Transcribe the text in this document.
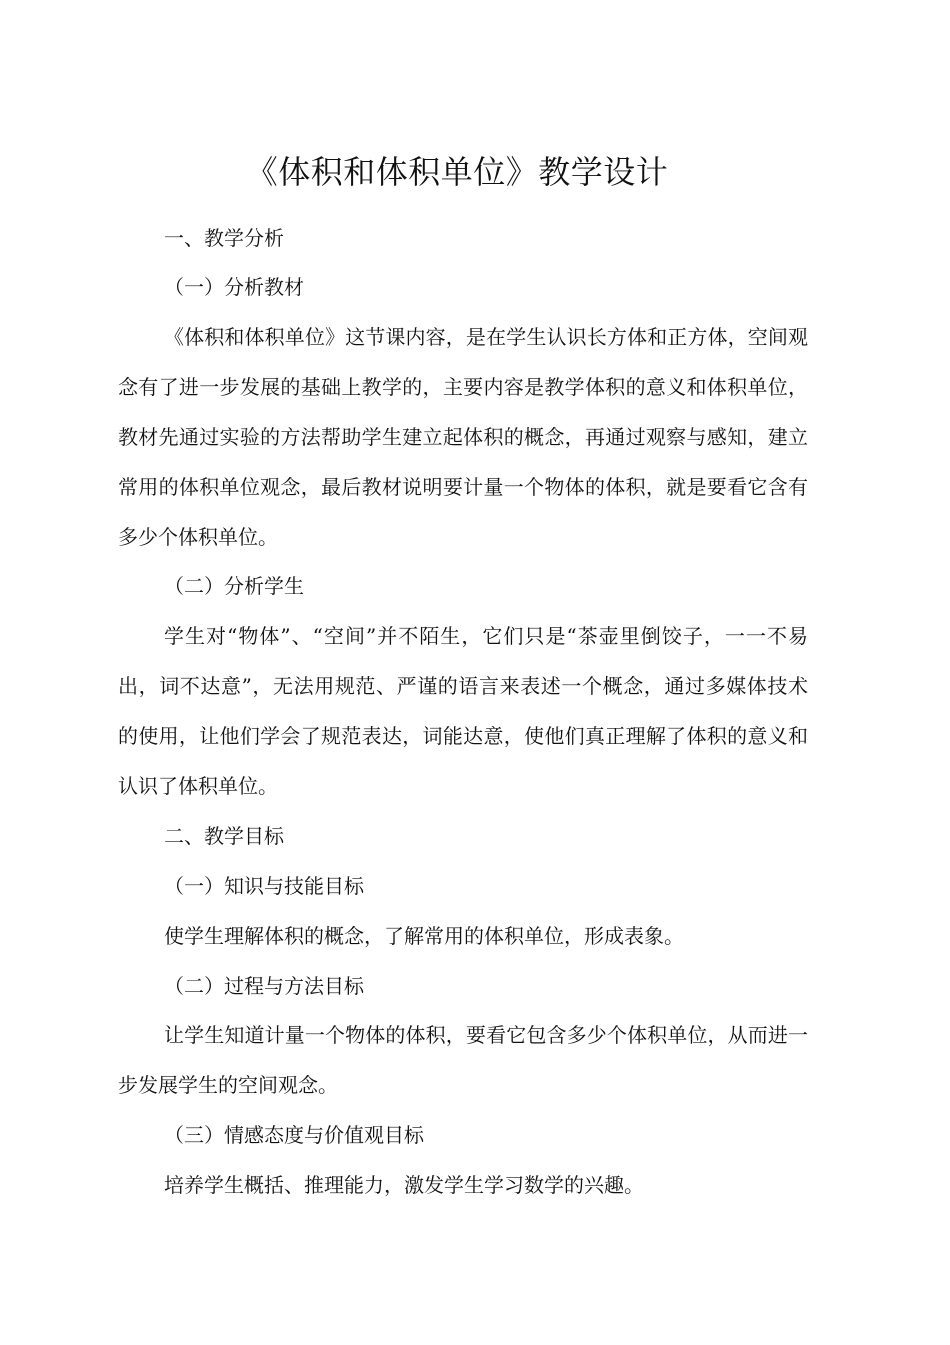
《体积和体积单位》教学设计

一、教学分析

（一）分析教材

《体积和体积单位》这节课内容，是在学生认识长方体和正方体，空间观念有了进一步发展的基础上教学的，主要内容是教学体积的意义和体积单位，教材先通过实验的方法帮助学生建立起体积的概念，再通过观察与感知，建立常用的体积单位观念，最后教材说明要计量一个物体的体积，就是要看它含有多少个体积单位。

（二）分析学生

学生对“物体”、“空间”并不陌生，它们只是“茶壶里倒饺子，一一不易出，词不达意”，无法用规范、严谨的语言来表述一个概念，通过多媒体技术的使用，让他们学会了规范表达，词能达意，使他们真正理解了体积的意义和认识了体积单位。

二、教学目标

（一）知识与技能目标

使学生理解体积的概念，了解常用的体积单位，形成表象。

（二）过程与方法目标

让学生知道计量一个物体的体积，要看它包含多少个体积单位，从而进一步发展学生的空间观念。

（三）情感态度与价值观目标

培养学生概括、推理能力，激发学生学习数学的兴趣。
